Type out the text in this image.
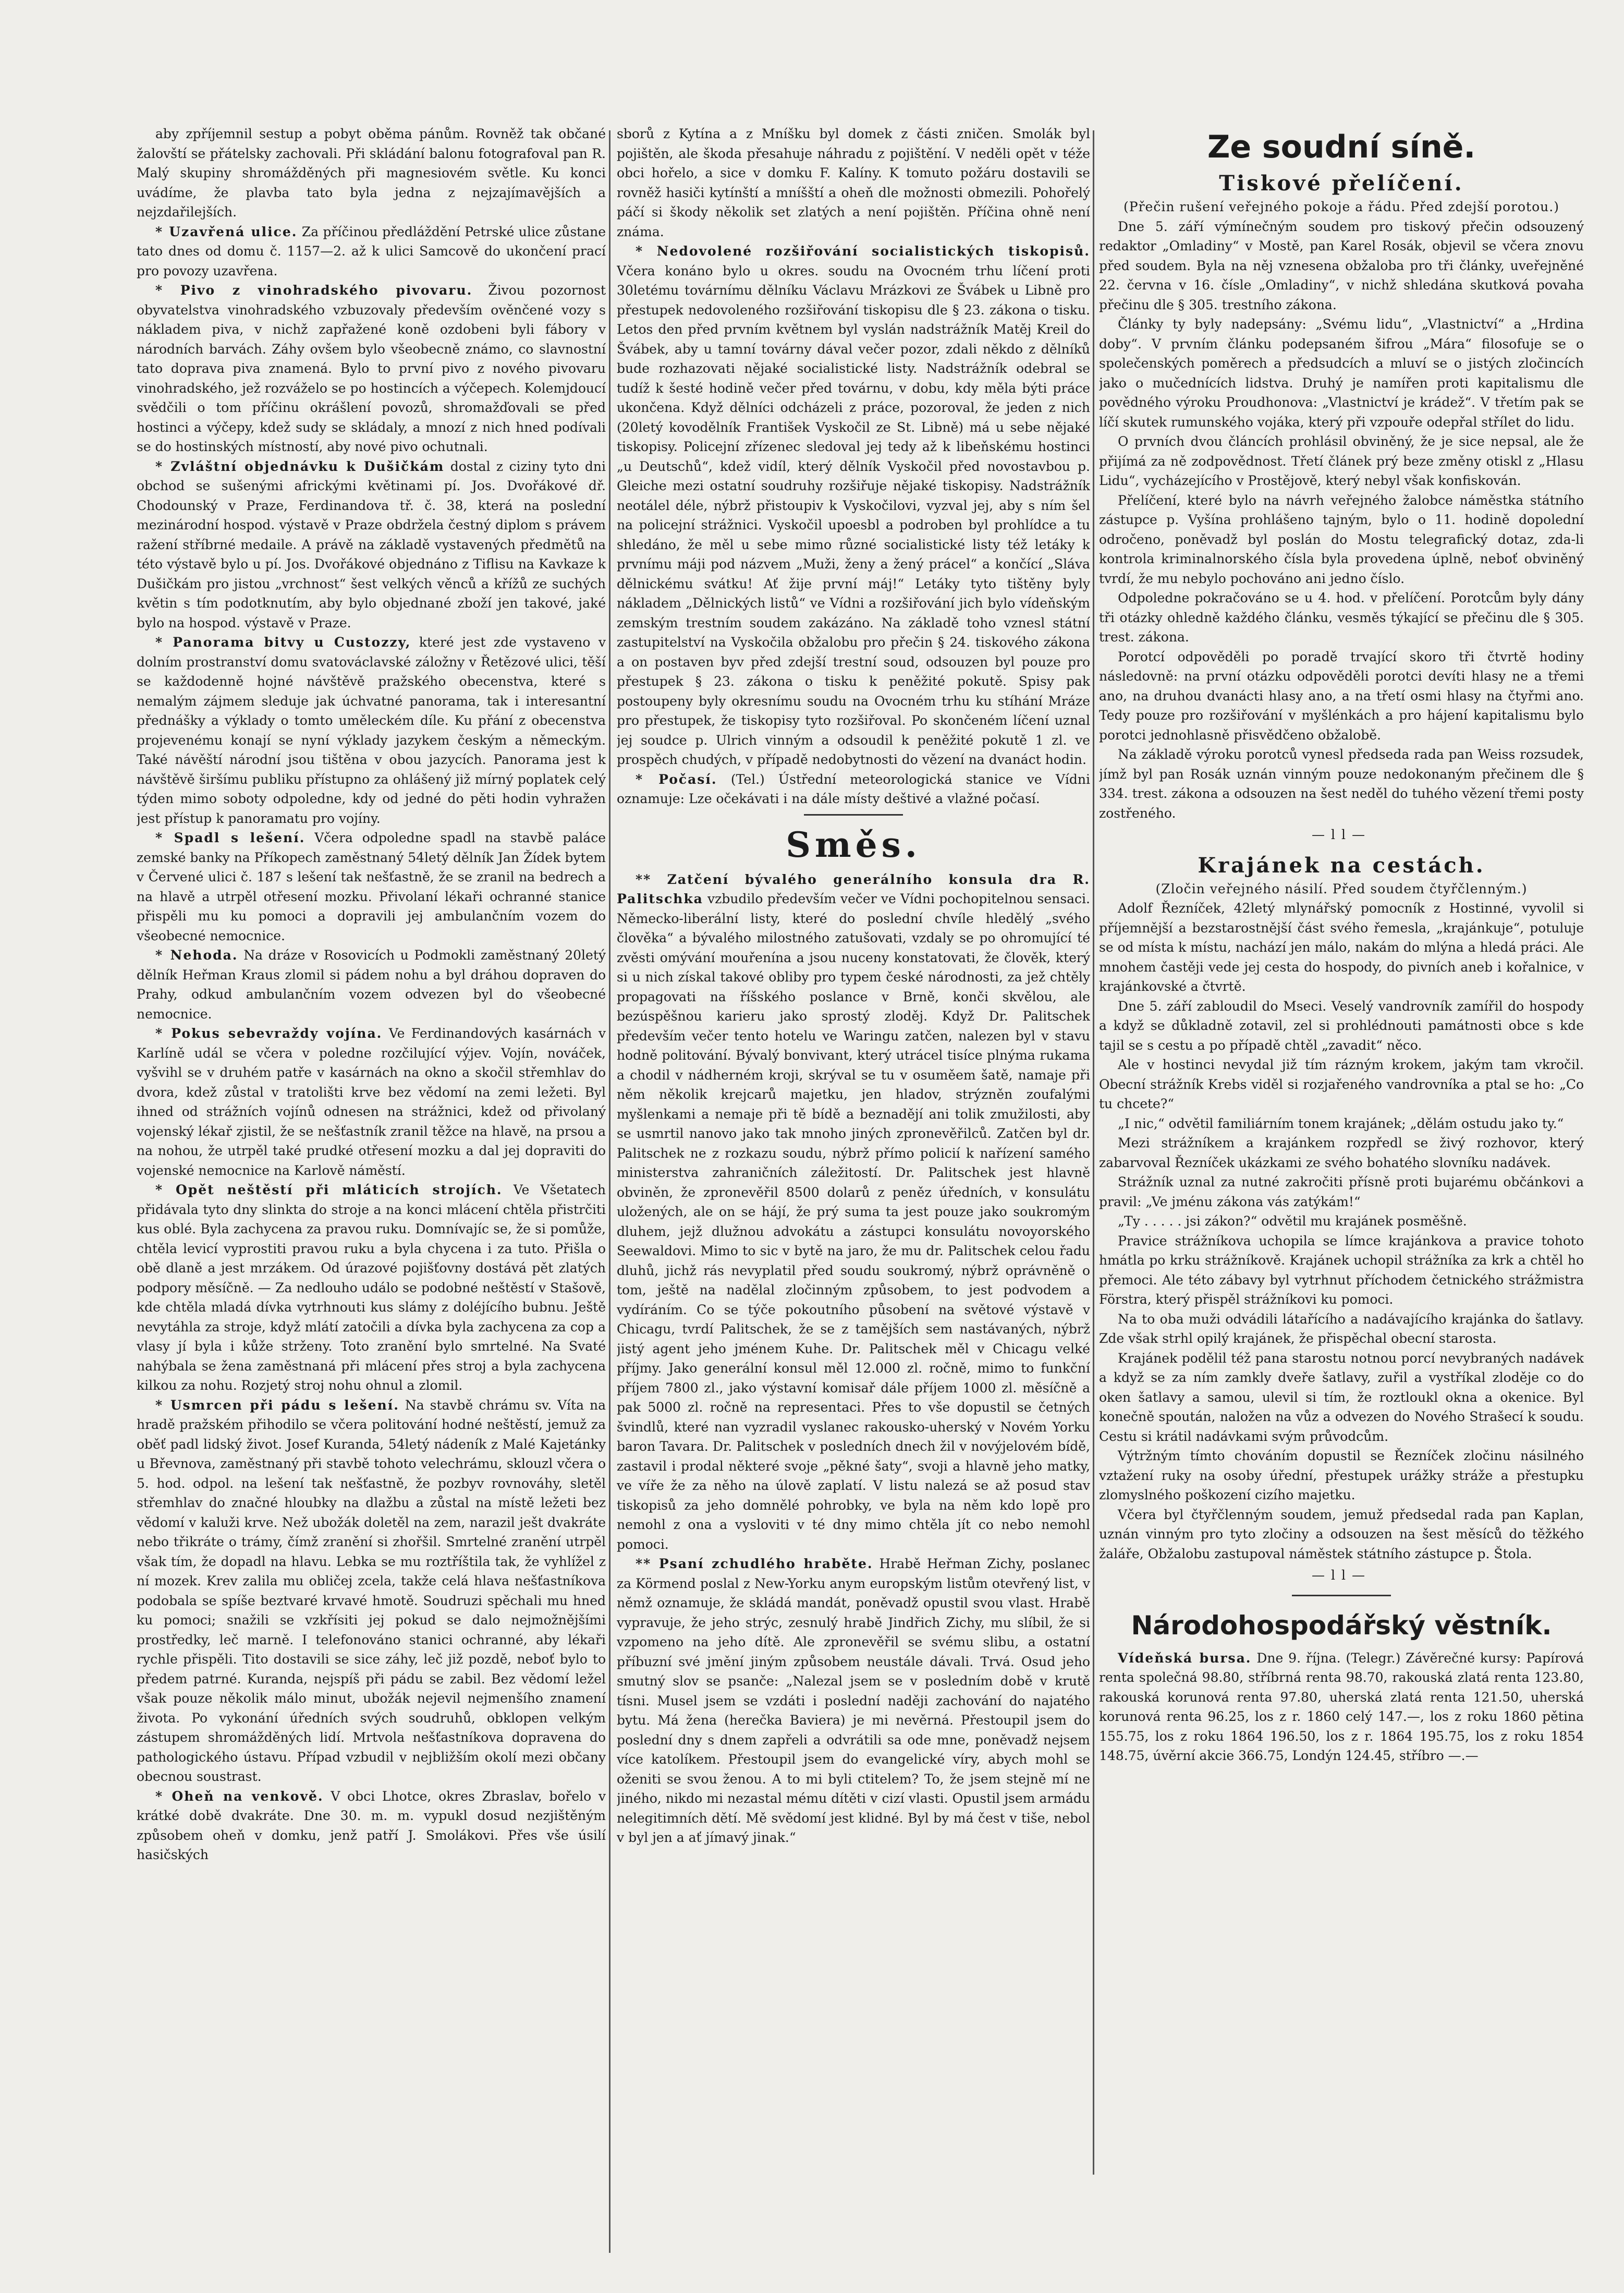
aby zpříjemnil sestup a pobyt oběma pánům. Rovněž tak občané žalovští se přátelsky zachovali. Při skládání balonu fotografoval pan R. Malý skupiny shromážděných při magnesiovém světle. Ku konci uvádíme, že plavba tato byla jedna z nejzajímavějších a nejzdařilejších.

* Uzavřená ulice. Za příčinou předláždění Petrské ulice zůstane tato dnes od domu č. 1157—2. až k ulici Samcově do ukončení prací pro povozy uzavřena.

* Pivo z vinohradského pivovaru. Živou pozornost obyvatelstva vinohradského vzbuzovaly především ověnčené vozy s nákladem piva, v nichž zapřažené koně ozdobeni byli fábory v národních barvách. Záhy ovšem bylo všeobecně známo, co slavnostní tato doprava piva znamená. Bylo to první pivo z nového pivovaru vinohradského, jež rozváželo se po hostincích a výčepech. Kolemjdoucí svědčili o tom příčinu okrášlení povozů, shromažďovali se před hostinci a výčepy, kdež sudy se skládaly, a mnozí z nich hned podívali se do hostinských místností, aby nové pivo ochutnali.

* Zvláštní objednávku k Dušičkám dostal z ciziny tyto dni obchod se sušenými africkými květinami pí. Jos. Dvořákové dř. Chodounský v Praze, Ferdinandova tř. č. 38, která na poslední mezinárodní hospod. výstavě v Praze obdržela čestný diplom s právem ražení stříbrné medaile. A právě na základě vystavených předmětů na této výstavě bylo u pí. Jos. Dvořákové objednáno z Tiflisu na Kavkaze k Dušičkám pro jistou „vrchnost“ šest velkých věnců a křížů ze suchých květin s tím podotknutím, aby bylo objednané zboží jen takové, jaké bylo na hospod. výstavě v Praze.

* Panorama bitvy u Custozzy, které jest zde vystaveno v dolním prostranství domu svatováclavské záložny v Řetězové ulici, těší se každodenně hojné návštěvě pražského obecenstva, které s nemalým zájmem sleduje jak úchvatné panorama, tak i interesantní přednášky a výklady o tomto uměleckém díle. Ku přání z obecenstva projevenému konají se nyní výklady jazykem českým a německým. Také návěští národní jsou tištěna v obou jazycích. Panorama jest k návštěvě širšímu publiku přístupno za ohlášený již mírný poplatek celý týden mimo soboty odpoledne, kdy od jedné do pěti hodin vyhražen jest přístup k panoramatu pro vojíny.

* Spadl s lešení. Včera odpoledne spadl na stavbě paláce zemské banky na Příkopech zaměstnaný 54letý dělník Jan Žídek bytem v Červené ulici č. 187 s lešení tak nešťastně, že se zranil na bedrech a na hlavě a utrpěl otřesení mozku. Přivolaní lékaři ochranné stanice přispěli mu ku pomoci a dopravili jej ambulančním vozem do všeobecné nemocnice.

* Nehoda. Na dráze v Rosovicích u Podmokli zaměstnaný 20letý dělník Heřman Kraus zlomil si pádem nohu a byl dráhou dopraven do Prahy, odkud ambulančním vozem odvezen byl do všeobecné nemocnice.

* Pokus sebevraždy vojína. Ve Ferdinandových kasárnách v Karlíně udál se včera v poledne rozčilující výjev. Vojín, nováček, vyšvihl se v druhém patře v kasárnách na okno a skočil střemhlav do dvora, kdež zůstal v tratolišti krve bez vědomí na zemi ležeti. Byl ihned od strážních vojínů odnesen na strážnici, kdež od přivolaný vojenský lékař zjistil, že se nešťastník zranil těžce na hlavě, na prsou a na nohou, že utrpěl také prudké otřesení mozku a dal jej dopraviti do vojenské nemocnice na Karlově náměstí.

* Opět neštěstí při mláticích strojích. Ve Všetatech přidávala tyto dny slinkta do stroje a na konci mlácení chtěla přistrčiti kus oblé. Byla zachycena za pravou ruku. Domnívajíc se, že si pomůže, chtěla levicí vyprostiti pravou ruku a byla chycena i za tuto. Přišla o obě dlaně a jest mrzákem. Od úrazové pojišťovny dostává pět zlatých podpory měsíčně. — Za nedlouho událo se podobné neštěstí v Stašově, kde chtěla mladá dívka vytrhnouti kus slámy z doléjícího bubnu. Ještě nevytáhla za stroje, když mlátí zatočili a dívka byla zachycena za cop a vlasy jí byla i kůže strženy. Toto zranění bylo smrtelné. Na Svaté nahýbala se žena zaměstnaná při mlácení přes stroj a byla zachycena kilkou za nohu. Rozjetý stroj nohu ohnul a zlomil.

* Usmrcen při pádu s lešení. Na stavbě chrámu sv. Víta na hradě pražském přihodilo se včera politování hodné neštěstí, jemuž za oběť padl lidský život. Josef Kuranda, 54letý nádeník z Malé Kajetánky u Břevnova, zaměstnaný při stavbě tohoto velechrámu, sklouzl včera o 5. hod. odpol. na lešení tak nešťastně, že pozbyv rovnováhy, sletěl střemhlav do značné hloubky na dlažbu a zůstal na místě ležeti bez vědomí v kaluži krve. Než ubožák doletěl na zem, narazil ješt dvakráte nebo třikráte o trámy, čímž zranění si zhořšil. Smrtelné zranění utrpěl však tím, že dopadl na hlavu. Lebka se mu roztříštila tak, že vyhlížel z ní mozek. Krev zalila mu obličej zcela, takže celá hlava nešťastníkova podobala se spíše beztvaré krvavé hmotě. Soudruzi spěchali mu hned ku pomoci; snažili se vzkřísiti jej pokud se dalo nejmožnějšími prostředky, leč marně. I telefonováno stanici ochranné, aby lékaři rychle přispěli. Tito dostavili se sice záhy, leč již pozdě, neboť bylo to předem patrné. Kuranda, nejspíš při pádu se zabil. Bez vědomí ležel však pouze několik málo minut, ubožák nejevil nejmenšího znamení života. Po vykonání úředních svých soudruhů, obklopen velkým zástupem shromážděných lidí. Mrtvola nešťastníkova dopravena do pathologického ústavu. Případ vzbudil v nejbližším okolí mezi občany obecnou soustrast.

* Oheň na venkově. V obci Lhotce, okres Zbraslav, bořelo v krátké době dvakráte. Dne 30. m. m. vypukl dosud nezjištěným způsobem oheň v domku, jenž patří J. Smolákovi. Přes vše úsilí hasičských

sborů z Kytína a z Mníšku byl domek z části zničen. Smolák byl pojištěn, ale škoda přesahuje náhradu z pojištění. V neděli opět v téže obci hořelo, a sice v domku F. Kalíny. K tomuto požáru dostavili se rovněž hasiči kytínští a mníšští a oheň dle možnosti obmezili. Pohořelý páčí si škody několik set zlatých a není pojištěn. Příčina ohně není známa.

* Nedovolené rozšiřování socialistických tiskopisů. Včera konáno bylo u okres. soudu na Ovocném trhu líčení proti 30letému továrnímu dělníku Václavu Mrázkovi ze Švábek u Libně pro přestupek nedovoleného rozšiřování tiskopisu dle § 23. zákona o tisku. Letos den před prvním květnem byl vyslán nadstrážník Matěj Kreil do Švábek, aby u tamní továrny dával večer pozor, zdali někdo z dělníků bude rozhazovati nějaké socialistické listy. Nadstrážník odebral se tudíž k šesté hodině večer před továrnu, v dobu, kdy měla býti práce ukončena. Když dělníci odcházeli z práce, pozoroval, že jeden z nich (20letý kovodělník František Vyskočil ze St. Libně) má u sebe nějaké tiskopisy. Policejní zřízenec sledoval jej tedy až k libeňskému hostinci „u Deutschů“, kdež vidíl, který dělník Vyskočil před novostavbou p. Gleiche mezi ostatní soudruhy rozšiřuje nějaké tiskopisy. Nadstrážník neotálel déle, nýbrž přistoupiv k Vyskočilovi, vyzval jej, aby s ním šel na policejní strážnici. Vyskočil upoesbl a podroben byl prohlídce a tu shledáno, že měl u sebe mimo různé socialistické listy též letáky k prvnímu máji pod názvem „Muži, ženy a žený prácel“ a končící „Sláva dělnickému svátku! Ať žije první máj!“ Letáky tyto tištěny byly nákladem „Dělnických listů“ ve Vídni a rozšiřování jich bylo vídeňským zemským trestním soudem zakázáno. Na základě toho vznesl státní zastupitelství na Vyskočila obžalobu pro přečin § 24. tiskového zákona a on postaven byv před zdejší trestní soud, odsouzen byl pouze pro přestupek § 23. zákona o tisku k peněžité pokutě. Spisy pak postoupeny byly okresnímu soudu na Ovocném trhu ku stíhání Mráze pro přestupek, že tiskopisy tyto rozšiřoval. Po skončeném líčení uznal jej soudce p. Ulrich vinným a odsoudil k peněžité pokutě 1 zl. ve prospěch chudých, v případě nedobytnosti do vězení na dvanáct hodin.

* Počasí. (Tel.) Ústřední meteorologická stanice ve Vídni oznamuje: Lze očekávati i na dále místy deštivé a vlažné počasí.

Směs.

** Zatčení bývalého generálního konsula dra R. Palitschka vzbudilo především večer ve Vídni pochopitelnou sensaci. Německo-liberální listy, které do poslední chvíle hledělý „svého člověka“ a bývalého milostného zatušovati, vzdaly se po ohromující té zvěsti omývání mouřenína a jsou nuceny konstatovati, že člověk, který si u nich získal takové obliby pro typem české národnosti, za jež chtěly propagovati na říšského poslance v Brně, konči skvělou, ale bezúspěšnou karieru jako sprostý zloděj. Když Dr. Palitschek především večer tento hotelu ve Waringu zatčen, nalezen byl v stavu hodně politování. Bývalý bonvivant, který utrácel tisíce plnýma rukama a chodil v nádherném kroji, skrýval se tu v osuměem šatě, namaje při něm několik krejcarů majetku, jen hladov, strýzněn zoufalými myšlenkami a nemaje při tě bídě a beznadějí ani tolik zmužilosti, aby se usmrtil nanovo jako tak mnoho jiných zpronevěřilců. Zatčen byl dr. Palitschek ne z rozkazu soudu, nýbrž přímo policií k nařízení samého ministerstva zahraničních záležitostí. Dr. Palitschek jest hlavně obviněn, že zpronevěřil 8500 dolarů z peněz úředních, v konsulátu uložených, ale on se hájí, že prý suma ta jest pouze jako soukromým dluhem, jejž dlužnou advokátu a zástupci konsulátu novoyorského Seewaldovi. Mimo to sic v bytě na jaro, že mu dr. Palitschek celou řadu dluhů, jichž rás nevyplatil před soudu soukromý, nýbrž oprávněně o tom, ještě na nadělal zločinným způsobem, to jest podvodem a vydíráním. Co se týče pokoutního působení na světové výstavě v Chicagu, tvrdí Palitschek, že se z tamějších sem nastávaných, nýbrž jistý agent jeho jménem Kuhe. Dr. Palitschek měl v Chicagu velké příjmy. Jako generální konsul měl 12.000 zl. ročně, mimo to funkční příjem 7800 zl., jako výstavní komisař dále příjem 1000 zl. měsíčně a pak 5000 zl. ročně na representaci. Přes to vše dopustil se četných švindlů, které nan vyzradil vyslanec rakousko-uherský v Novém Yorku baron Tavara. Dr. Palitschek v posledních dnech žil v novýjelovém bídě, zastavil i prodal některé svoje „pěkné šaty“, svoji a hlavně jeho matky, ve víře že za něho na úlově zaplatí. V listu nalezá se až posud stav tiskopisů za jeho domnělé pohrobky, ve byla na něm kdo lopě pro nemohl z ona a vysloviti v té dny mimo chtěla jít co nebo nemohl pomoci.

** Psaní zchudlého hraběte. Hrabě Heřman Zichy, poslanec za Körmend poslal z New-Yorku anym europským listům otevřený list, v němž oznamuje, že skládá mandát, poněvadž opustil svou vlast. Hrabě vypravuje, že jeho strýc, zesnulý hrabě Jindřich Zichy, mu slíbil, že si vzpomeno na jeho dítě. Ale zpronevěřil se svému slibu, a ostatní příbuzní své jmění jiným způsobem neustále dávali. Trvá. Osud jeho smutný slov se psanče: „Nalezal jsem se v posledním době v krutě tísni. Musel jsem se vzdáti i poslední naději zachování do najatého bytu. Má žena (herečka Baviera) je mi nevěrná. Přestoupil jsem do poslední dny s dnem zapřeli a odvrátili sa ode mne, poněvadž nejsem více katolíkem. Přestoupil jsem do evangelické víry, abych mohl se oženiti se svou ženou. A to mi byli ctitelem? To, že jsem stejně mí ne jiného, nikdo mi nezastal mému dítěti v cizí vlasti. Opustil jsem armádu nelegitimních dětí. Mě svědomí jest klidné. Byl by má čest v tiše, nebol v byl jen a ať jímavý jinak.“

Ze soudní síně.
Tiskové přelíčení.
(Přečin rušení veřejného pokoje a řádu. Před zdejší porotou.)

Dne 5. září výmínečným soudem pro tiskový přečin odsouzený redaktor „Omladiny“ v Mostě, pan Karel Rosák, objevil se včera znovu před soudem. Byla na něj vznesena obžaloba pro tři články, uveřejněné 22. června v 16. čísle „Omladiny“, v nichž shledána skutková povaha přečinu dle § 305. trestního zákona.

Články ty byly nadepsány: „Svému lidu“, „Vlastnictví“ a „Hrdina doby“. V prvním článku podepsaném šifrou „Mára“ filosofuje se o společenských poměrech a předsudcích a mluví se o jistých zločincích jako o mučednících lidstva. Druhý je namířen proti kapitalismu dle povědného výroku Proudhonova: „Vlastnictví je krádež“. V třetím pak se líčí skutek rumunského vojáka, který při vzpouře odepřal střílet do lidu.

O prvních dvou článcích prohlásil obviněný, že je sice nepsal, ale že přijímá za ně zodpovědnost. Třetí článek prý beze změny otiskl z „Hlasu Lidu“, vycházejícího v Prostějově, který nebyl však konfiskován.

Přelíčení, které bylo na návrh veřejného žalobce náměstka státního zástupce p. Vyšína prohlášeno tajným, bylo o 11. hodině dopolední odročeno, poněvadž byl poslán do Mostu telegrafický dotaz, zda-li kontrola kriminalnorského čísla byla provedena úplně, neboť obviněný tvrdí, že mu nebylo pochováno ani jedno číslo.

Odpoledne pokračováno se u 4. hod. v přelíčení. Porotcům byly dány tři otázky ohledně každého článku, vesměs týkající se přečinu dle § 305. trest. zákona.

Porotcí odpověděli po poradě trvající skoro tři čtvrtě hodiny následovně: na první otázku odpověděli porotci devíti hlasy ne a třemi ano, na druhou dvanácti hlasy ano, a na třetí osmi hlasy na čtyřmi ano. Tedy pouze pro rozšiřování v myšlénkách a pro hájení kapitalismu bylo porotci jednohlasně přisvědčeno obžalobě.

Na základě výroku porotců vynesl předseda rada pan Weiss rozsudek, jímž byl pan Rosák uznán vinným pouze nedokonaným přečinem dle § 334. trest. zákona a odsouzen na šest neděl do tuhého vězení třemi posty zostřeného.

—ll—
Krajánek na cestách.
(Zločin veřejného násilí. Před soudem čtyřčlenným.)

Adolf Řezníček, 42letý mlynářský pomocník z Hostinné, vyvolil si příjemnější a bezstarostnější část svého řemesla, „krajánkuje“, potuluje se od místa k místu, nachází jen málo, nakám do mlýna a hledá práci. Ale mnohem častěji vede jej cesta do hospody, do pivních aneb i kořalnice, v krajánkovské a čtvrtě.

Dne 5. září zabloudil do Mseci. Veselý vandrovník zamířil do hospody a když se důkladně zotavil, zel si prohlédnouti památnosti obce s kde tajil se s cestu a po případě chtěl „zavadit“ něco.

Ale v hostinci nevydal již tím rázným krokem, jakým tam vkročil. Obecní strážník Krebs viděl si rozjařeného vandrovníka a ptal se ho: „Co tu chcete?“

„I nic,“ odvětil familiárním tonem krajánek; „dělám ostudu jako ty.“

Mezi strážníkem a krajánkem rozpředl se živý rozhovor, který zabarvoval Řezníček ukázkami ze svého bohatého slovníku nadávek.

Strážník uznal za nutné zakročiti přísně proti bujarému občánkovi a pravil: „Ve jménu zákona vás zatýkám!“

„Ty . . . . . jsi zákon?“ odvětil mu krajánek posměšně.

Pravice strážníkova uchopila se límce krajánkova a pravice tohoto hmátla po krku strážníkově. Krajánek uchopil strážníka za krk a chtěl ho přemoci. Ale této zábavy byl vytrhnut příchodem četnického strážmistra Förstra, který přispěl strážníkovi ku pomoci.

Na to oba muži odvádili látařícího a nadávajícího krajánka do šatlavy. Zde však strhl opilý krajánek, že přispěchal obecní starosta.

Krajánek podělil též pana starostu notnou porcí nevybraných nadávek a když se za ním zamkly dveře šatlavy, zuřil a vystříkal zloděje co do oken šatlavy a samou, ulevil si tím, že roztloukl okna a okenice. Byl konečně spoután, naložen na vůz a odvezen do Nového Strašecí k soudu. Cestu si krátil nadávkami svým průvodcům.

Výtržným tímto chováním dopustil se Řezníček zločinu násilného vztažení ruky na osoby úřední, přestupek urážky stráže a přestupku zlomyslného poškození cizího majetku.

Včera byl čtyřčlenným soudem, jemuž předsedal rada pan Kaplan, uznán vinným pro tyto zločiny a odsouzen na šest měsíců do těžkého žaláře, Obžalobu zastupoval náměstek státního zástupce p. Štola.

—ll—
Národohospodářský věstník.

Vídeňská bursa. Dne 9. října. (Telegr.) Závěrečné kursy: Papírová renta společná 98.80, stříbrná renta 98.70, rakouská zlatá renta 123.80, rakouská korunová renta 97.80, uherská zlatá renta 121.50, uherská korunová renta 96.25, los z r. 1860 celý 147.—, los z roku 1860 pětina 155.75, los z roku 1864 196.50, los z r. 1864 195.75, los z roku 1854 148.75, úvěrní akcie 366.75, Londýn 124.45, stříbro —.—
